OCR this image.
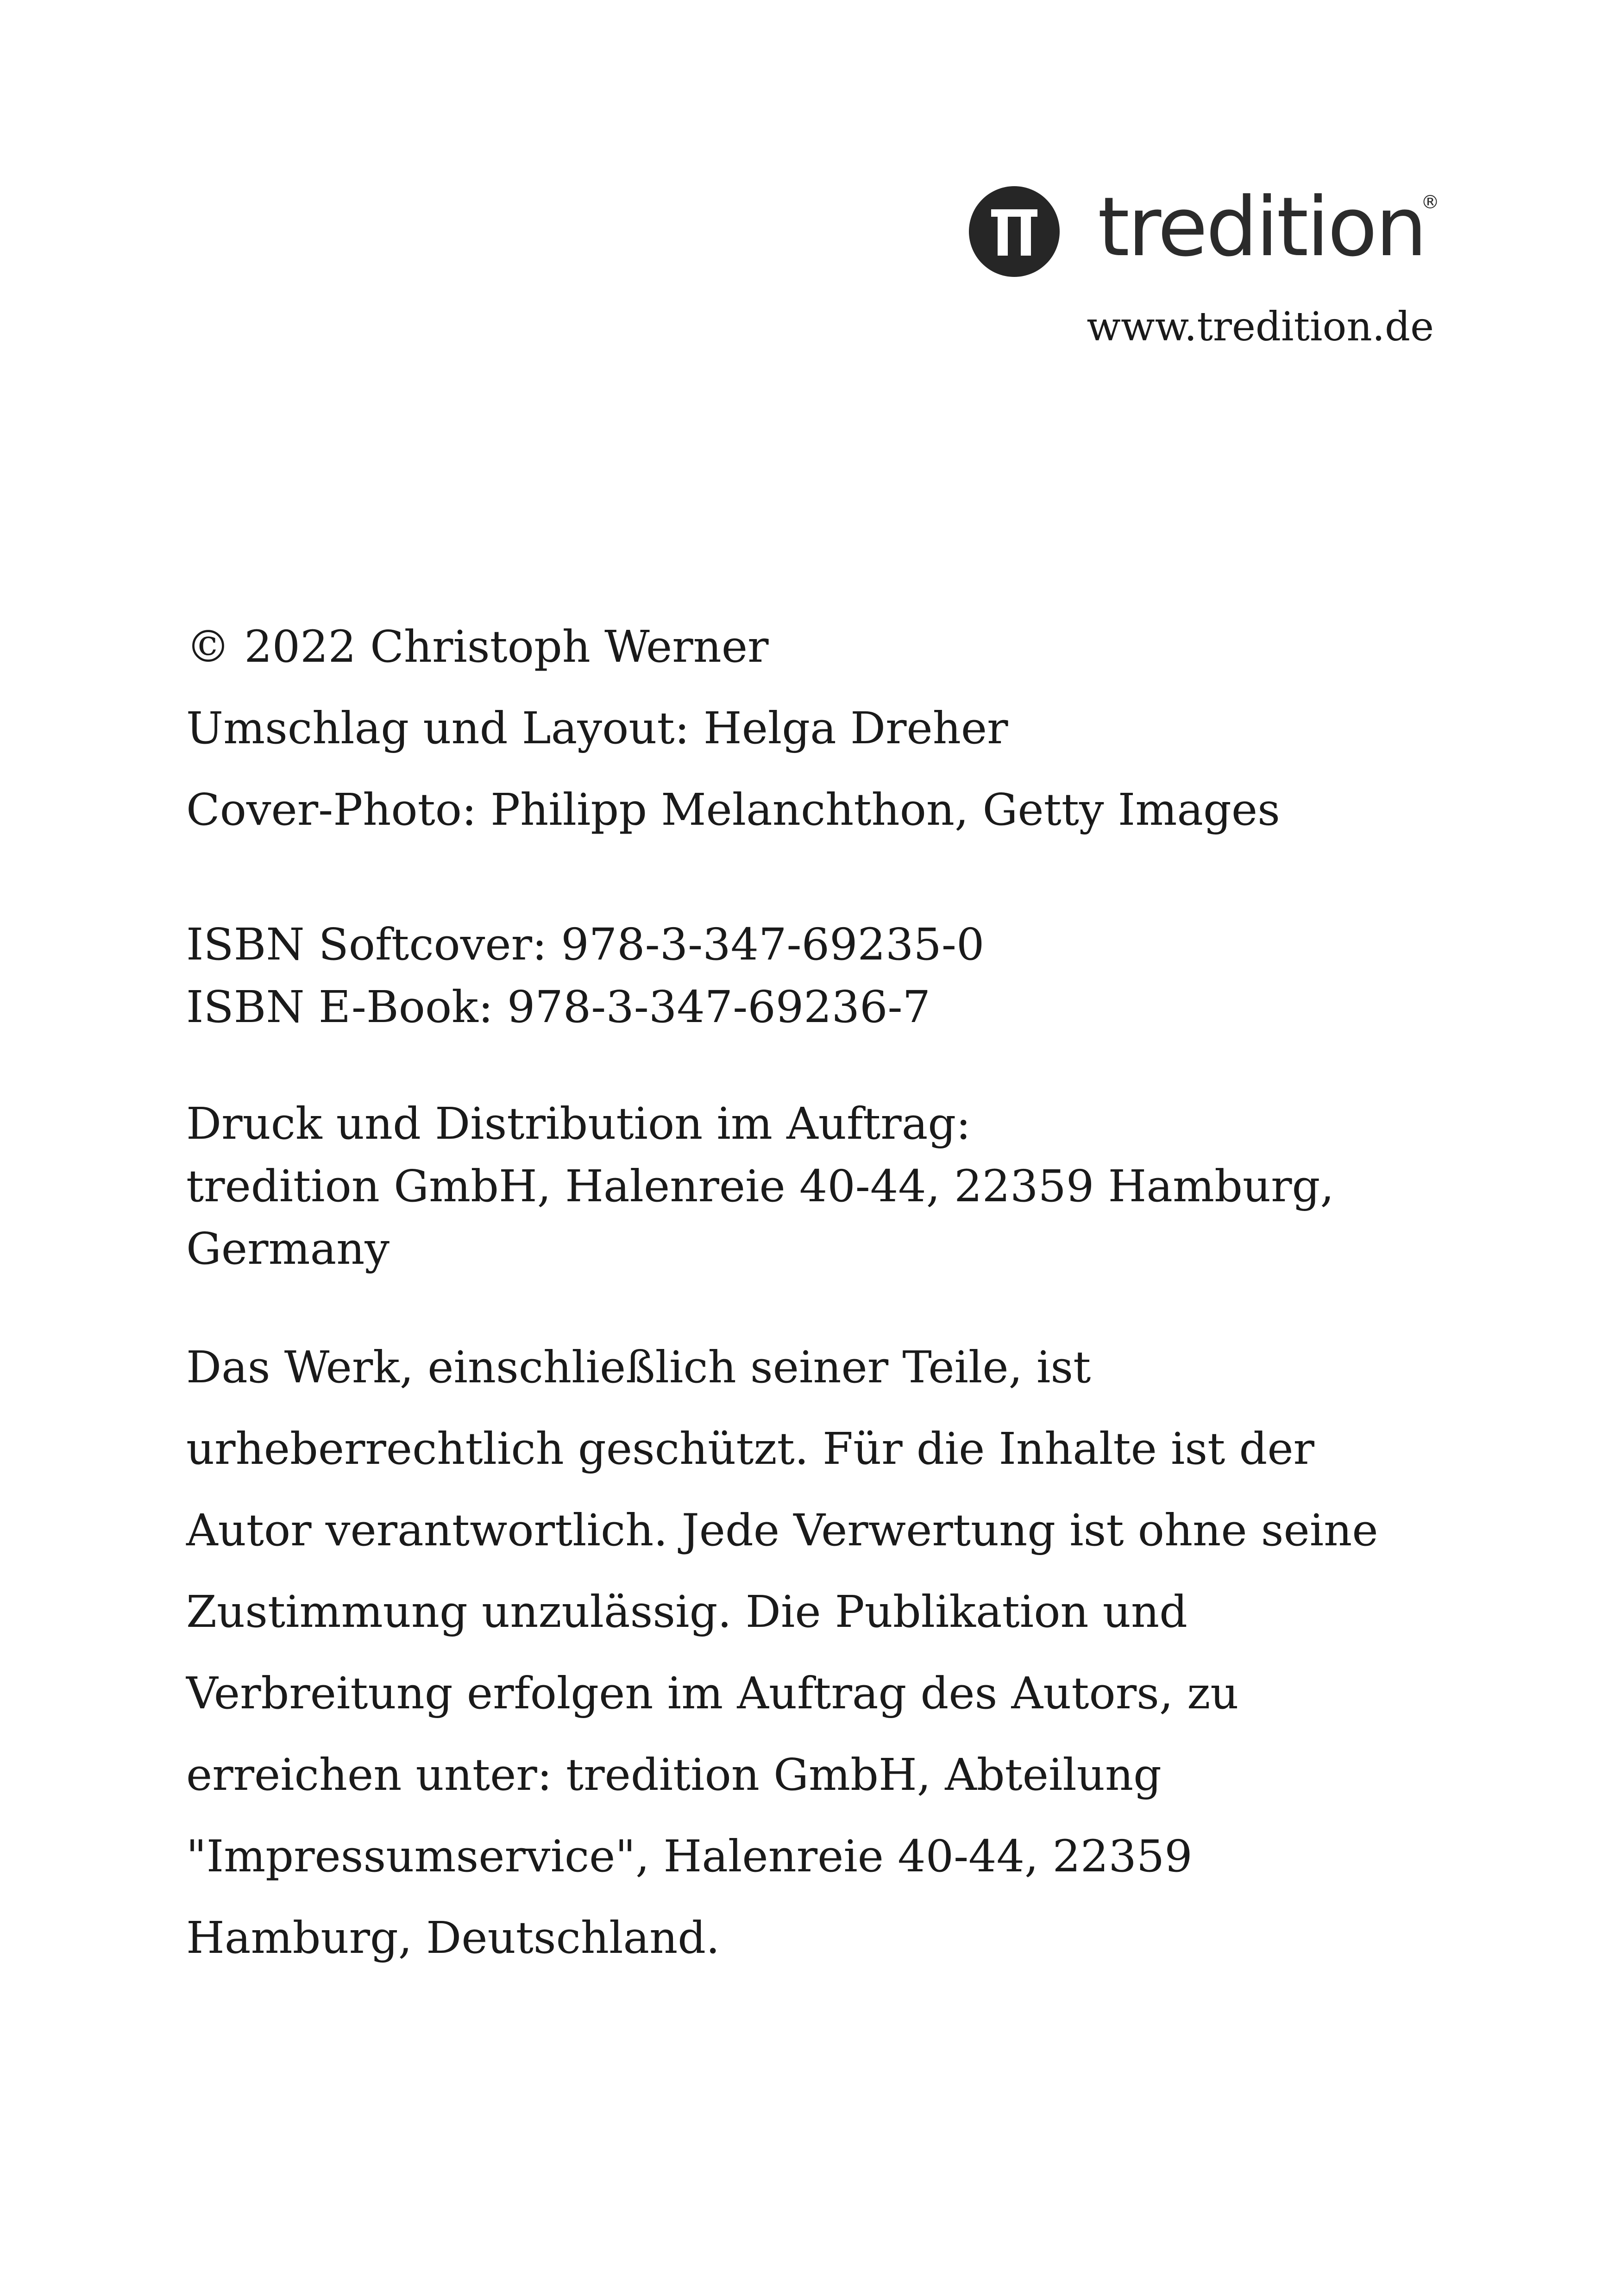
tredition
®
www.tredition.de
© 2022 Christoph Werner
Umschlag und Layout: Helga Dreher
Cover-Photo: Philipp Melanchthon, Getty Images
ISBN Softcover: 978-3-347-69235-0
ISBN E-Book: 978-3-347-69236-7
Druck und Distribution im Auftrag:
tredition GmbH, Halenreie 40-44, 22359 Hamburg,
Germany
Das Werk, einschließlich seiner Teile, ist
urheberrechtlich geschützt. Für die Inhalte ist der
Autor verantwortlich. Jede Verwertung ist ohne seine
Zustimmung unzulässig. Die Publikation und
Verbreitung erfolgen im Auftrag des Autors, zu
erreichen unter: tredition GmbH, Abteilung
"Impressumservice", Halenreie 40-44, 22359
Hamburg, Deutschland.
